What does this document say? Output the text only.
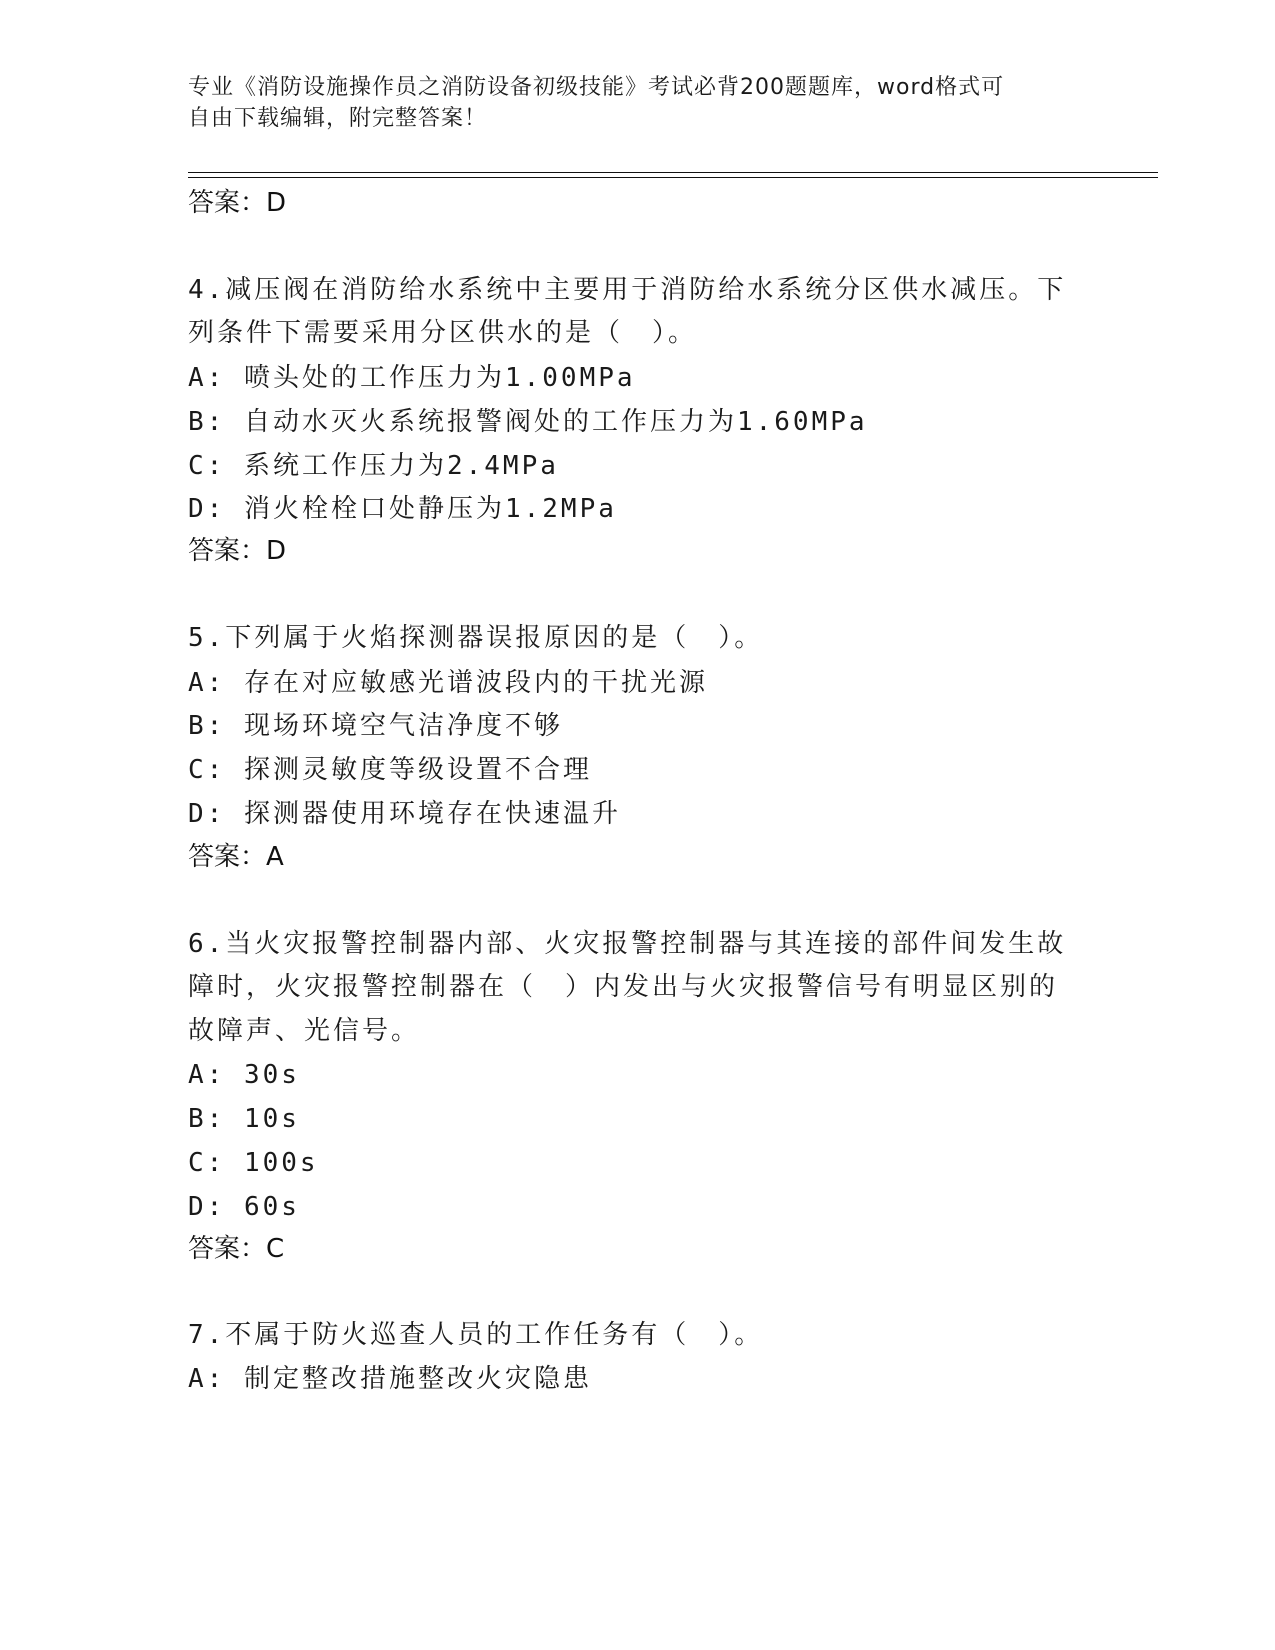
专业《消防设施操作员之消防设备初级技能》考试必背200题题库，word格式可
自由下载编辑，附完整答案！
答案：D
4.减压阀在消防给水系统中主要用于消防给水系统分区供水减压。下
列条件下需要采用分区供水的是（　）。
A: 喷头处的工作压力为1.00MPa
B: 自动水灭火系统报警阀处的工作压力为1.60MPa
C: 系统工作压力为2.4MPa
D: 消火栓栓口处静压为1.2MPa
答案：D
5.下列属于火焰探测器误报原因的是（　）。
A: 存在对应敏感光谱波段内的干扰光源
B: 现场环境空气洁净度不够
C: 探测灵敏度等级设置不合理
D: 探测器使用环境存在快速温升
答案：A
6.当火灾报警控制器内部、火灾报警控制器与其连接的部件间发生故
障时，火灾报警控制器在（　）内发出与火灾报警信号有明显区别的
故障声、光信号。
A: 30s
B: 10s
C: 100s
D: 60s
答案：C
7.不属于防火巡查人员的工作任务有（　）。
A: 制定整改措施整改火灾隐患
